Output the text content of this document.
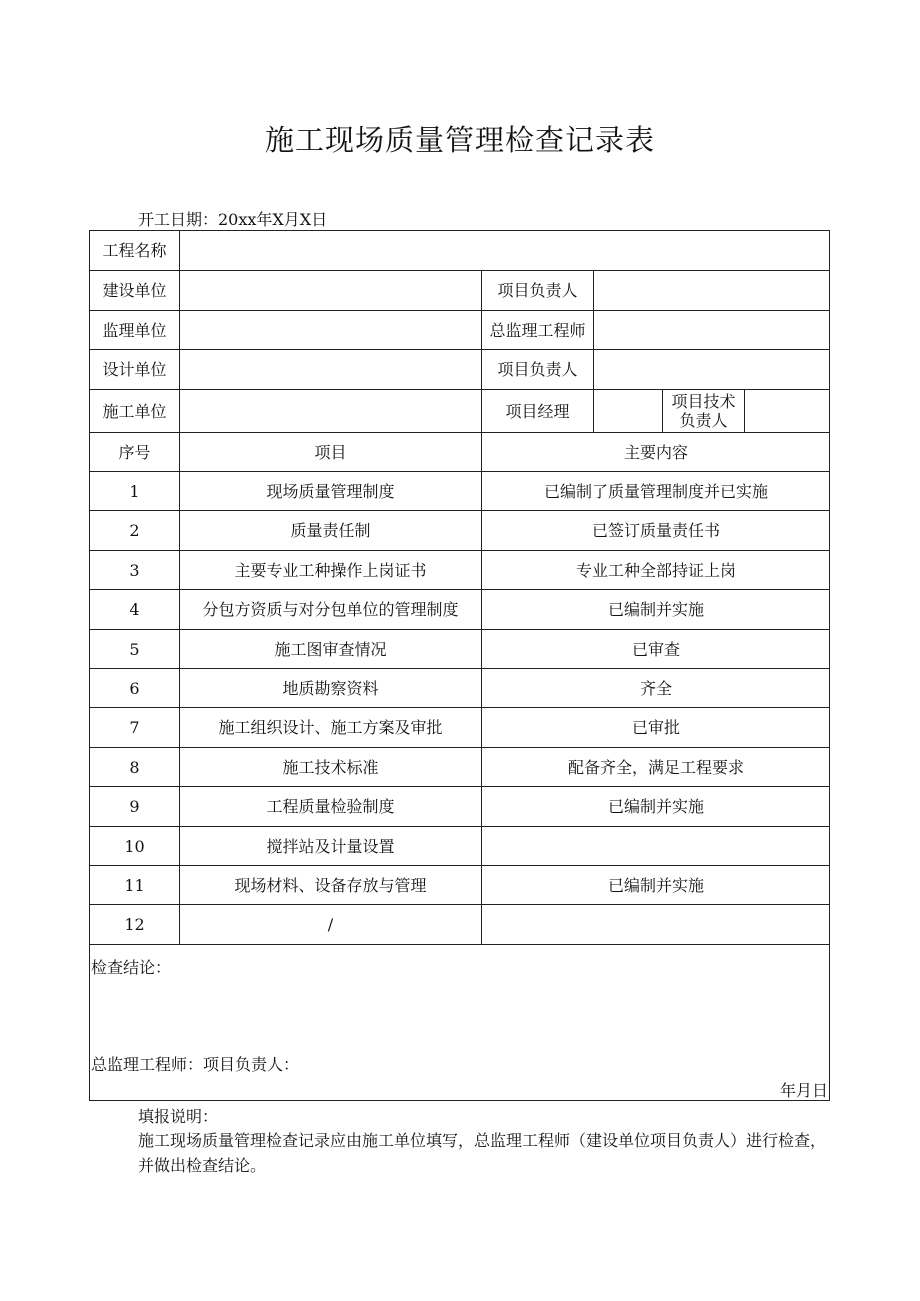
施工现场质量管理检查记录表
开工日期：20xx年X月X日
工程名称
建设单位	项目负责人
监理单位	总监理工程师
设计单位	项目负责人
施工单位	项目经理	项目技术
负责人
序号	项目	主要内容
1	现场质量管理制度	已编制了质量管理制度并已实施
2	质量责任制	已签订质量责任书
3	主要专业工种操作上岗证书	专业工种全部持证上岗
4	分包方资质与对分包单位的管理制度	已编制并实施
5	施工图审查情况	已审查
6	地质勘察资料	齐全
7	施工组织设计、施工方案及审批	已审批
8	施工技术标准	配备齐全，满足工程要求
9	工程质量检验制度	已编制并实施
10	搅拌站及计量设置
11	现场材料、设备存放与管理	已编制并实施
12	/
检查结论：
总监理工程师：项目负责人：
年月日
填报说明：
施工现场质量管理检查记录应由施工单位填写，总监理工程师（建设单位项目负责人）进行检查，并做出检查结论。
